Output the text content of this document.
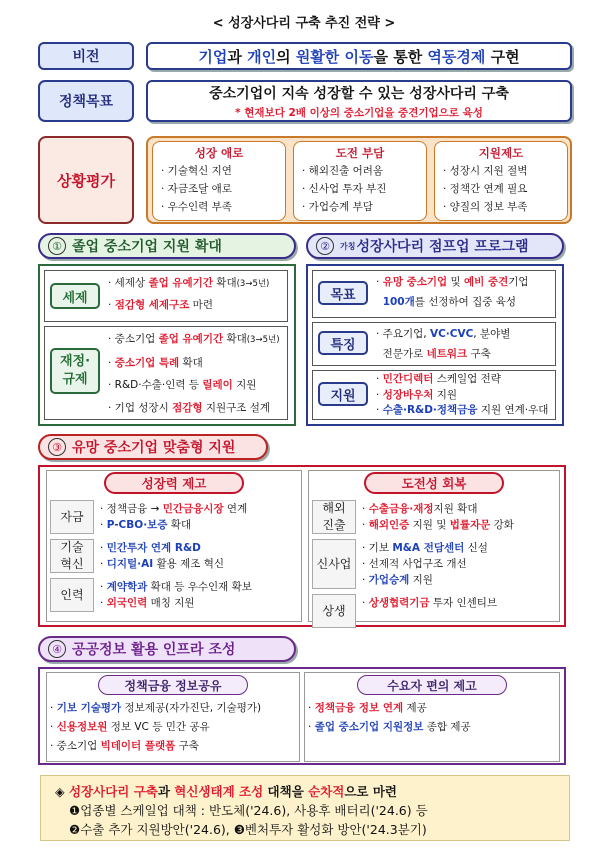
< 성장사다리 구축 추진 전략 >
비전	기업과 개인의 원활한 이동을 통한 역동경제 구현
정책목표
중소기업이 지속 성장할 수 있는 성장사다리 구축
* 현재보다 2배 이상의 중소기업을 중견기업으로 육성
상황평가
성장 애로
· 기술혁신 지연
· 자금조달 애로
· 우수인력 부족
도전 부담
· 해외진출 어려움
· 신사업 투자 부진
· 가업승계 부담
지원제도
· 성장시 지원 절벽
· 정책간 연계 필요
· 양질의 정보 부족
① 졸업 중소기업 지원 확대	②	가칭 성장사다리 점프업 프로그램
세제
· 세제상 졸업 유예기간 확대(3→5년)
· 점감형 세제구조 마련
재정·
규제
· 중소기업 졸업 유예기간 확대(3→5년)
· 중소기업 특례 확대
· R&D·수출·인력 등 릴레이 지원
· 기업 성장시 점감형 지원구조 설계
목표
· 유망 중소기업 및 예비 중견기업
100개를 선정하여 집중 육성
특징
· 주요기업, VC·CVC, 분야별
전문가로 네트워크 구축
지원
· 민간디렉터 스케일업 전략
· 성장바우처 지원
· 수출·R&D·정책금융 지원 연계·우대
③ 유망 중소기업 맞춤형 지원
성장력 제고
자금
· 정책금융 → 민간금융시장 연계
· P-CBO·보증 확대
기술
혁신
· 민간투자 연계 R&D
· 디지털·AI 활용 제조 혁신
인력
· 계약학과 확대 등 우수인재 확보
· 외국인력 매칭 지원
도전성 회복
해외
진출
· 수출금융·재정지원 확대
· 해외인증 지원 및 법률자문 강화
신사업
· 기보 M&A 전담센터 신설
· 선제적 사업구조 개선
· 가업승계 지원
상생
· 상생협력기금 투자 인센티브
④ 공공정보 활용 인프라 조성
정책금융 정보공유
· 기보 기술평가 정보제공(자가진단, 기술평가)
· 신용정보원 정보 VC 등 민간 공유
· 중소기업 빅데이터 플랫폼 구축
수요자 편의 제고
· 정책금융 정보 연계 제공
· 졸업 중소기업 지원정보 종합 제공
◈ 성장사다리 구축과 혁신생태계 조성 대책을 순차적으로 마련
❶업종별 스케일업 대책 : 반도체('24.6), 사용후 배터리('24.6) 등
❷수출 추가 지원방안('24.6), ❸벤처투자 활성화 방안('24.3분기)
